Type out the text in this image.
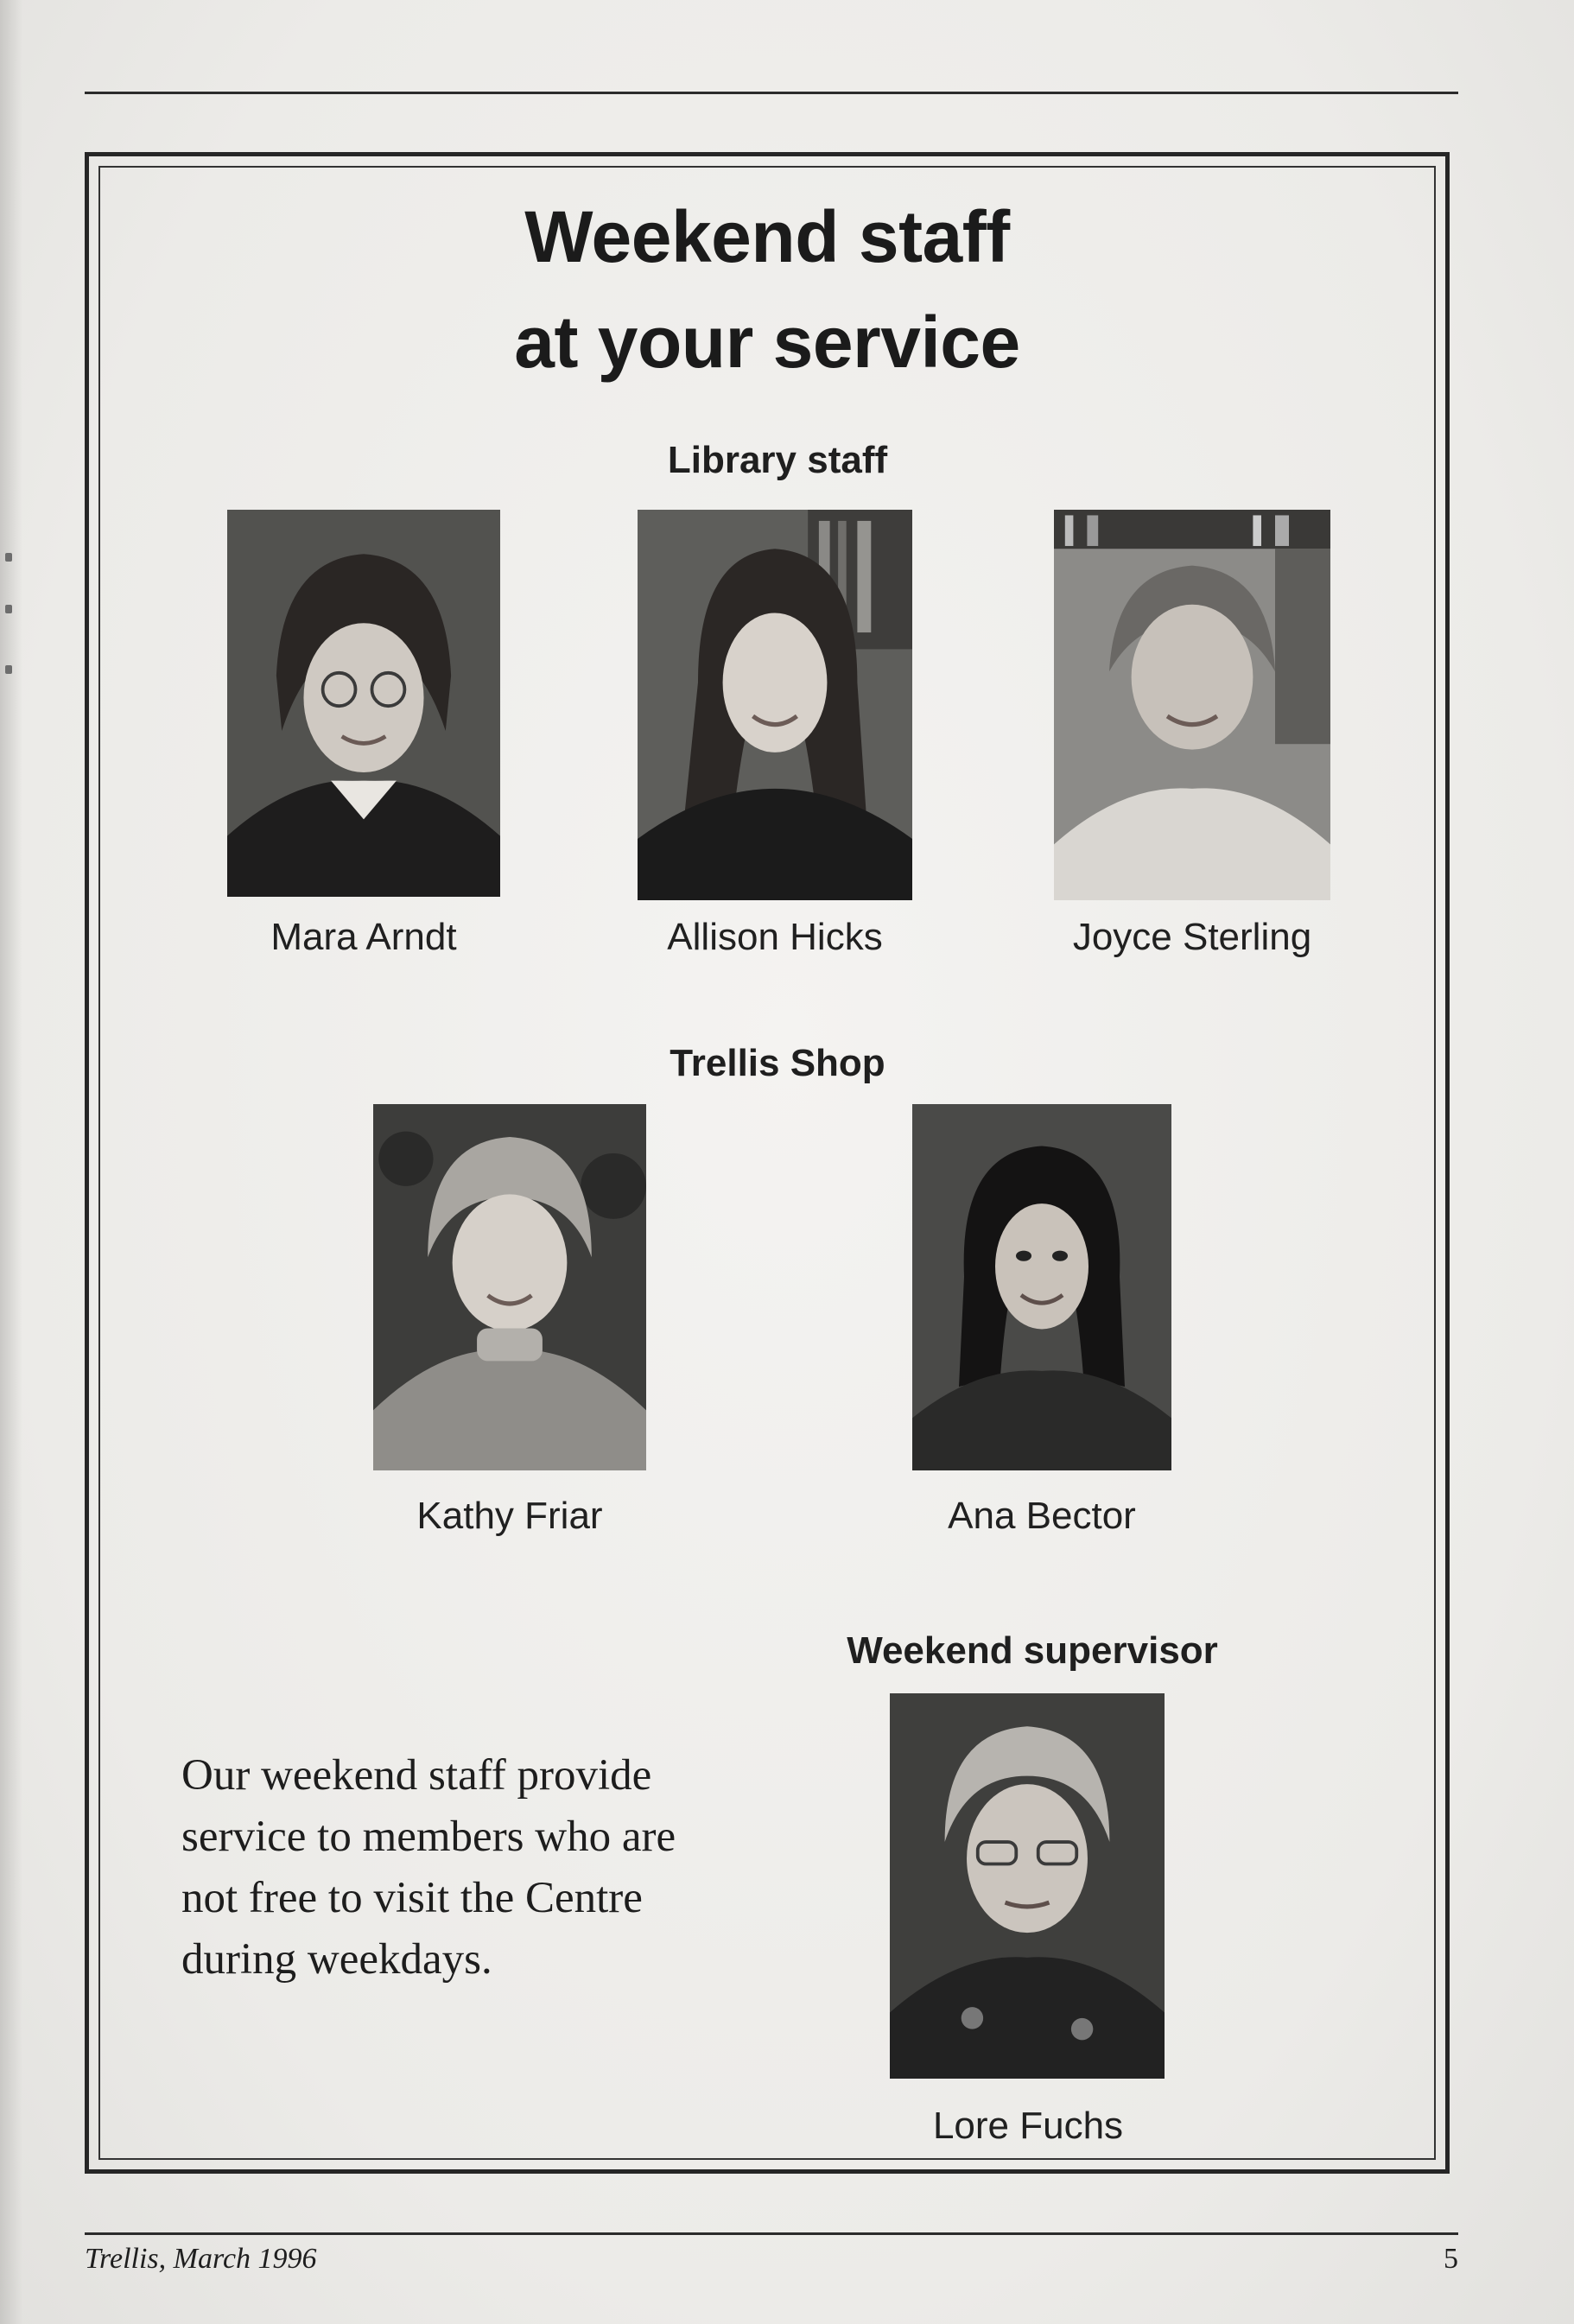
Weekend staff
at your service
Library staff
Mara Arndt	Allison Hicks	Joyce Sterling
Trellis Shop
Kathy Friar	Ana Bector
Weekend supervisor
Lore Fuchs

Our weekend staff provide

service to members who are

not free to visit the Centre

during weekdays.

Trellis, March 1996	5
